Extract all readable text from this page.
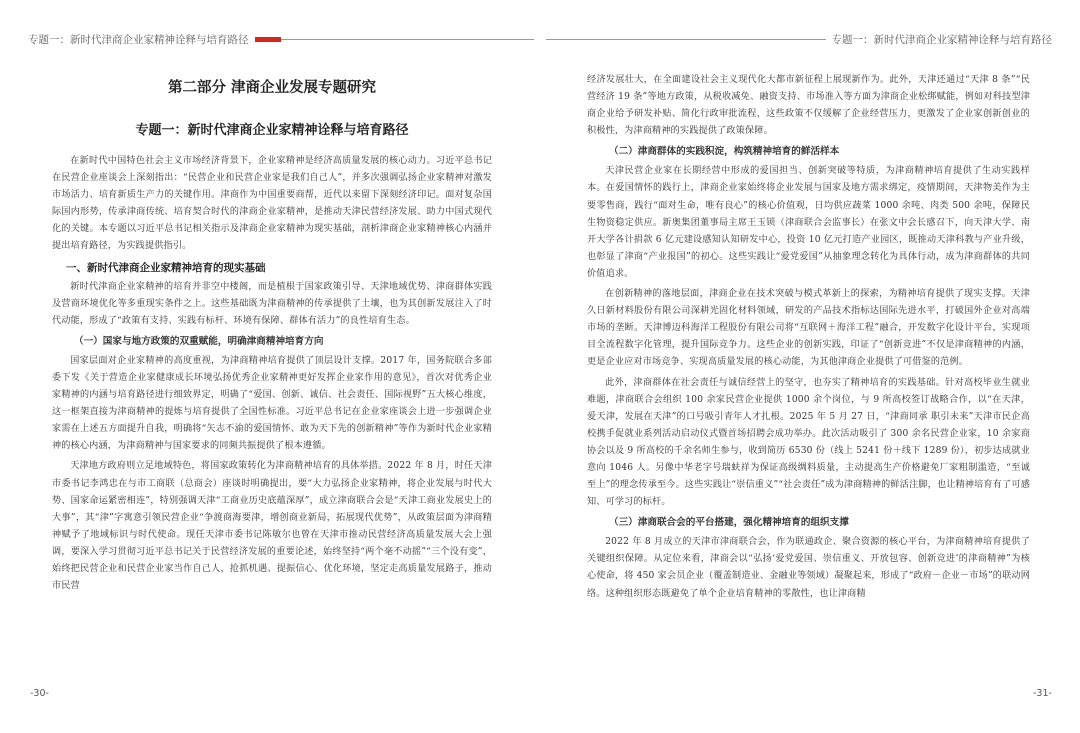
专题一：新时代津商企业家精神诠释与培育路径
第二部分 津商企业发展专题研究
专题一：新时代津商企业家精神诠释与培育路径

在新时代中国特色社会主义市场经济背景下，企业家精神是经济高质量发展的核心动力。习近平总书记在民营企业座谈会上深刻指出：“民营企业和民营企业家是我们自己人”，并多次强调弘扬企业家精神对激发市场活力、培育新质生产力的关键作用。津商作为中国重要商帮，近代以来留下深刻经济印记。面对复杂国际国内形势，传承津商传统、培育契合时代的津商企业家精神，是推动天津民营经济发展、助力中国式现代化的关键。本专题以习近平总书记相关指示及津商企业家精神为现实基础，剖析津商企业家精神核心内涵并提出培育路径，为实践提供指引。

一、新时代津商企业家精神培育的现实基础

新时代津商企业家精神的培育并非空中楼阁，而是植根于国家政策引导、天津地域优势、津商群体实践及营商环境优化等多重现实条件之上。这些基础既为津商精神的传承提供了土壤，也为其创新发展注入了时代动能，形成了“政策有支持、实践有标杆、环境有保障、群体有活力”的良性培育生态。

（一）国家与地方政策的双重赋能，明确津商精神培育方向

国家层面对企业家精神的高度重视，为津商精神培育提供了顶层设计支撑。2017 年，国务院联合多部委下发《关于营造企业家健康成长环境弘扬优秀企业家精神更好发挥企业家作用的意见》，首次对优秀企业家精神的内涵与培育路径进行细致界定，明确了“爱国、创新、诚信、社会责任、国际视野”五大核心维度，这一框架直接为津商精神的提炼与培育提供了全国性标准。习近平总书记在企业家座谈会上进一步强调企业家需在上述五方面提升自我，明确将“矢志不渝的爱国情怀、敢为天下先的创新精神”等作为新时代企业家精神的核心内涵，为津商精神与国家要求的同频共振提供了根本遵循。

天津地方政府则立足地域特色，将国家政策转化为津商精神培育的具体举措。2022 年 8 月，时任天津市委书记李鸿忠在与市工商联（总商会）座谈时明确提出，要“大力弘扬企业家精神，将企业发展与时代大势、国家命运紧密相连”，特别强调天津“工商业历史底蕴深厚”，成立津商联合会是“天津工商业发展史上的大事”，其“津”字寓意引领民营企业“争渡商海要津，增创商业新局，拓展现代优势”，从政策层面为津商精神赋予了地域标识与时代使命。现任天津市委书记陈敏尔也曾在天津市推动民营经济高质量发展大会上强调，要深入学习贯彻习近平总书记关于民营经济发展的重要论述，始终坚持“两个毫不动摇”“三个没有变”，始终把民营企业和民营企业家当作自己人，抢抓机遇、提振信心、优化环境，坚定走高质量发展路子，推动市民营

-30-
专题一：新时代津商企业家精神诠释与培育路径

经济发展壮大，在全面建设社会主义现代化大都市新征程上展现新作为。此外，天津还通过“天津 8 条”“民营经济 19 条”等地方政策，从税收减免、融资支持、市场准入等方面为津商企业松绑赋能，例如对科技型津商企业给予研发补贴、简化行政审批流程，这些政策不仅缓解了企业经营压力，更激发了企业家创新创业的积极性，为津商精神的实践提供了政策保障。

（二）津商群体的实践积淀，构筑精神培育的鲜活样本

天津民营企业家在长期经营中形成的爱国担当、创新突破等特质，为津商精神培育提供了生动实践样本。在爱国情怀的践行上，津商企业家始终将企业发展与国家及地方需求绑定，疫情期间，天津物美作为主要零售商，践行“面对生命，唯有良心”的核心价值观，日均供应蔬菜 1000 余吨、肉类 500 余吨，保障民生物资稳定供应。新奥集团董事局主席王玉锁（津商联合会监事长）在张文中会长感召下，向天津大学、南开大学各计捐款 6 亿元建设感知认知研发中心，投资 10 亿元打造产业园区，既推动天津科教与产业升级，也彰显了津商“产业报国”的初心。这些实践让“爱党爱国”从抽象理念转化为具体行动，成为津商群体的共同价值追求。

在创新精神的落地层面，津商企业在技术突破与模式革新上的探索，为精神培育提供了现实支撑。天津久日新材料股份有限公司深耕光固化材料领域，研发的产品技术指标达国际先进水平，打破国外企业对高端市场的垄断。天津博迈科海洋工程股份有限公司将“互联网＋海洋工程”融合，开发数字化设计平台，实现项目全流程数字化管理，提升国际竞争力。这些企业的创新实践，印证了“创新竞进”不仅是津商精神的内涵，更是企业应对市场竞争、实现高质量发展的核心动能，为其他津商企业提供了可借鉴的范例。

此外，津商群体在社会责任与诚信经营上的坚守，也夯实了精神培育的实践基础。针对高校毕业生就业难题，津商联合会组织 100 余家民营企业提供 1000 余个岗位，与 9 所高校签订战略合作，以“在天津，爱天津，发展在天津”的口号吸引青年人才扎根。2025 年 5 月 27 日，“津商同承 职引未来”天津市民企高校携手促就业系列活动启动仪式暨首场招聘会成功举办。此次活动吸引了 300 余名民营企业家，10 余家商协会以及 9 所高校的千余名师生参与，收到简历 6530 份（线上 5241 份＋线下 1289 份），初步达成就业意向 1046 人。另像中华老字号瑞蚨祥为保证高级绸料质量，主动提高生产价格避免厂家粗制滥造，“至诚至上”的理念传承至今。这些实践让“崇信重义”“社会责任”成为津商精神的鲜活注脚，也让精神培育有了可感知、可学习的标杆。

（三）津商联合会的平台搭建，强化精神培育的组织支撑

2022 年 8 月成立的天津市津商联合会，作为联通政企、聚合资源的核心平台，为津商精神培育提供了关键组织保障。从定位来看，津商会以“弘扬‘爱党爱国、崇信重义、开放包容、创新竞进’的津商精神”为核心使命，将 450 家会员企业（覆盖制造业、金融业等领域）凝聚起来，形成了“政府－企业－市场”的联动网络。这种组织形态既避免了单个企业培育精神的零散性，也让津商精

-31-
